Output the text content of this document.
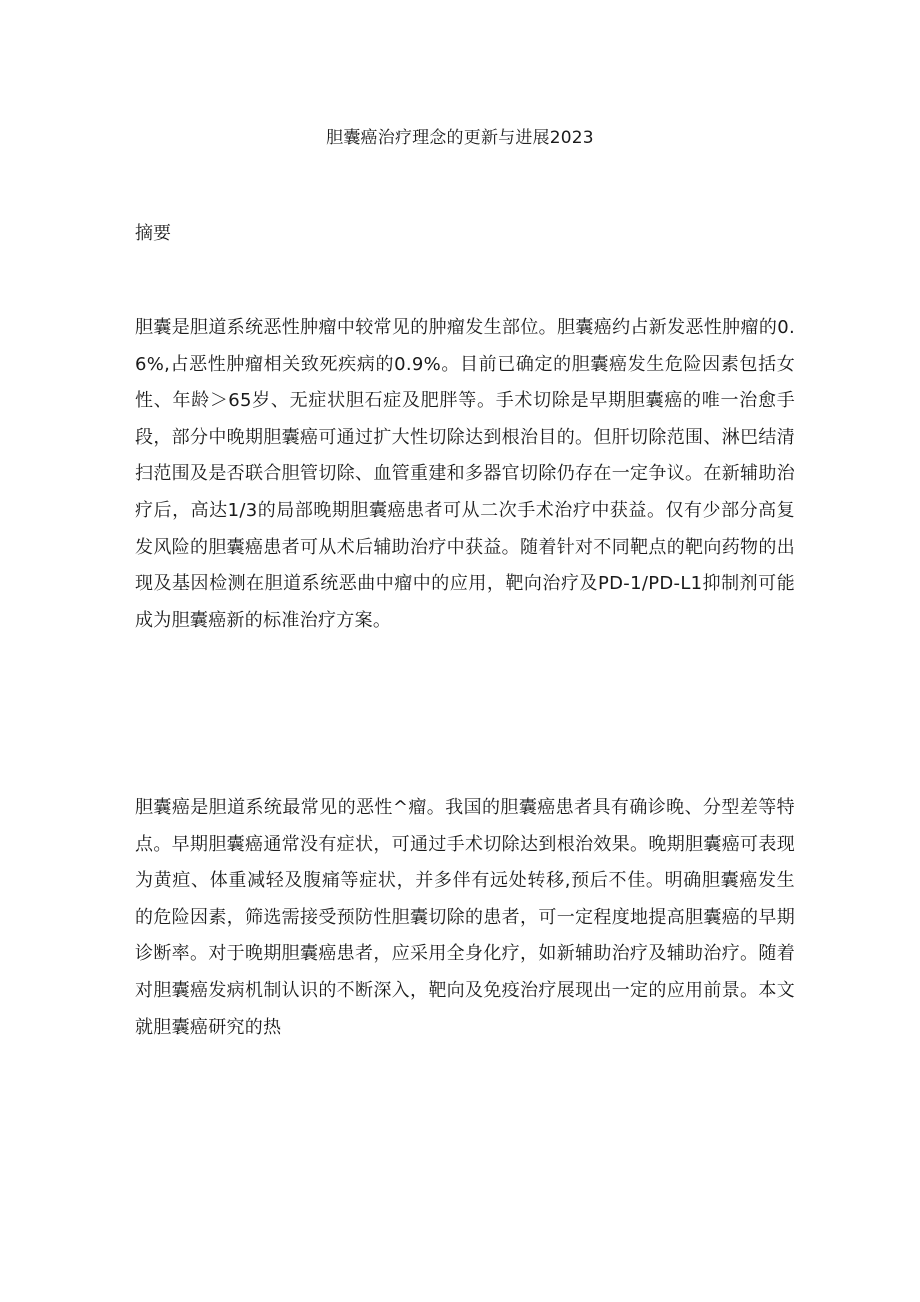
胆囊癌治疗理念的更新与进展2023
摘要

胆囊是胆道系统恶性肿瘤中较常见的肿瘤发生部位。胆囊癌约占新发恶性肿瘤的0.6%,占恶性肿瘤相关致死疾病的0.9%。目前已确定的胆囊癌发生危险因素包括女性、年龄＞65岁、无症状胆石症及肥胖等。手术切除是早期胆囊癌的唯一治愈手段，部分中晚期胆囊癌可通过扩大性切除达到根治目的。但肝切除范围、淋巴结清扫范围及是否联合胆管切除、血管重建和多器官切除仍存在一定争议。在新辅助治疗后，高达1/3的局部晚期胆囊癌患者可从二次手术治疗中获益。仅有少部分高复发风险的胆囊癌患者可从术后辅助治疗中获益。随着针对不同靶点的靶向药物的出现及基因检测在胆道系统恶曲中瘤中的应用，靶向治疗及PD-1/PD-L1抑制剂可能成为胆囊癌新的标准治疗方案。

胆囊癌是胆道系统最常见的恶性^瘤。我国的胆囊癌患者具有确诊晚、分型差等特点。早期胆囊癌通常没有症状，可通过手术切除达到根治效果。晚期胆囊癌可表现为黄疸、体重减轻及腹痛等症状，并多伴有远处转移,预后不佳。明确胆囊癌发生的危险因素，筛选需接受预防性胆囊切除的患者，可一定程度地提高胆囊癌的早期诊断率。对于晚期胆囊癌患者，应采用全身化疗，如新辅助治疗及辅助治疗。随着对胆囊癌发病机制认识的不断深入，靶向及免疫治疗展现出一定的应用前景。本文就胆囊癌研究的热
